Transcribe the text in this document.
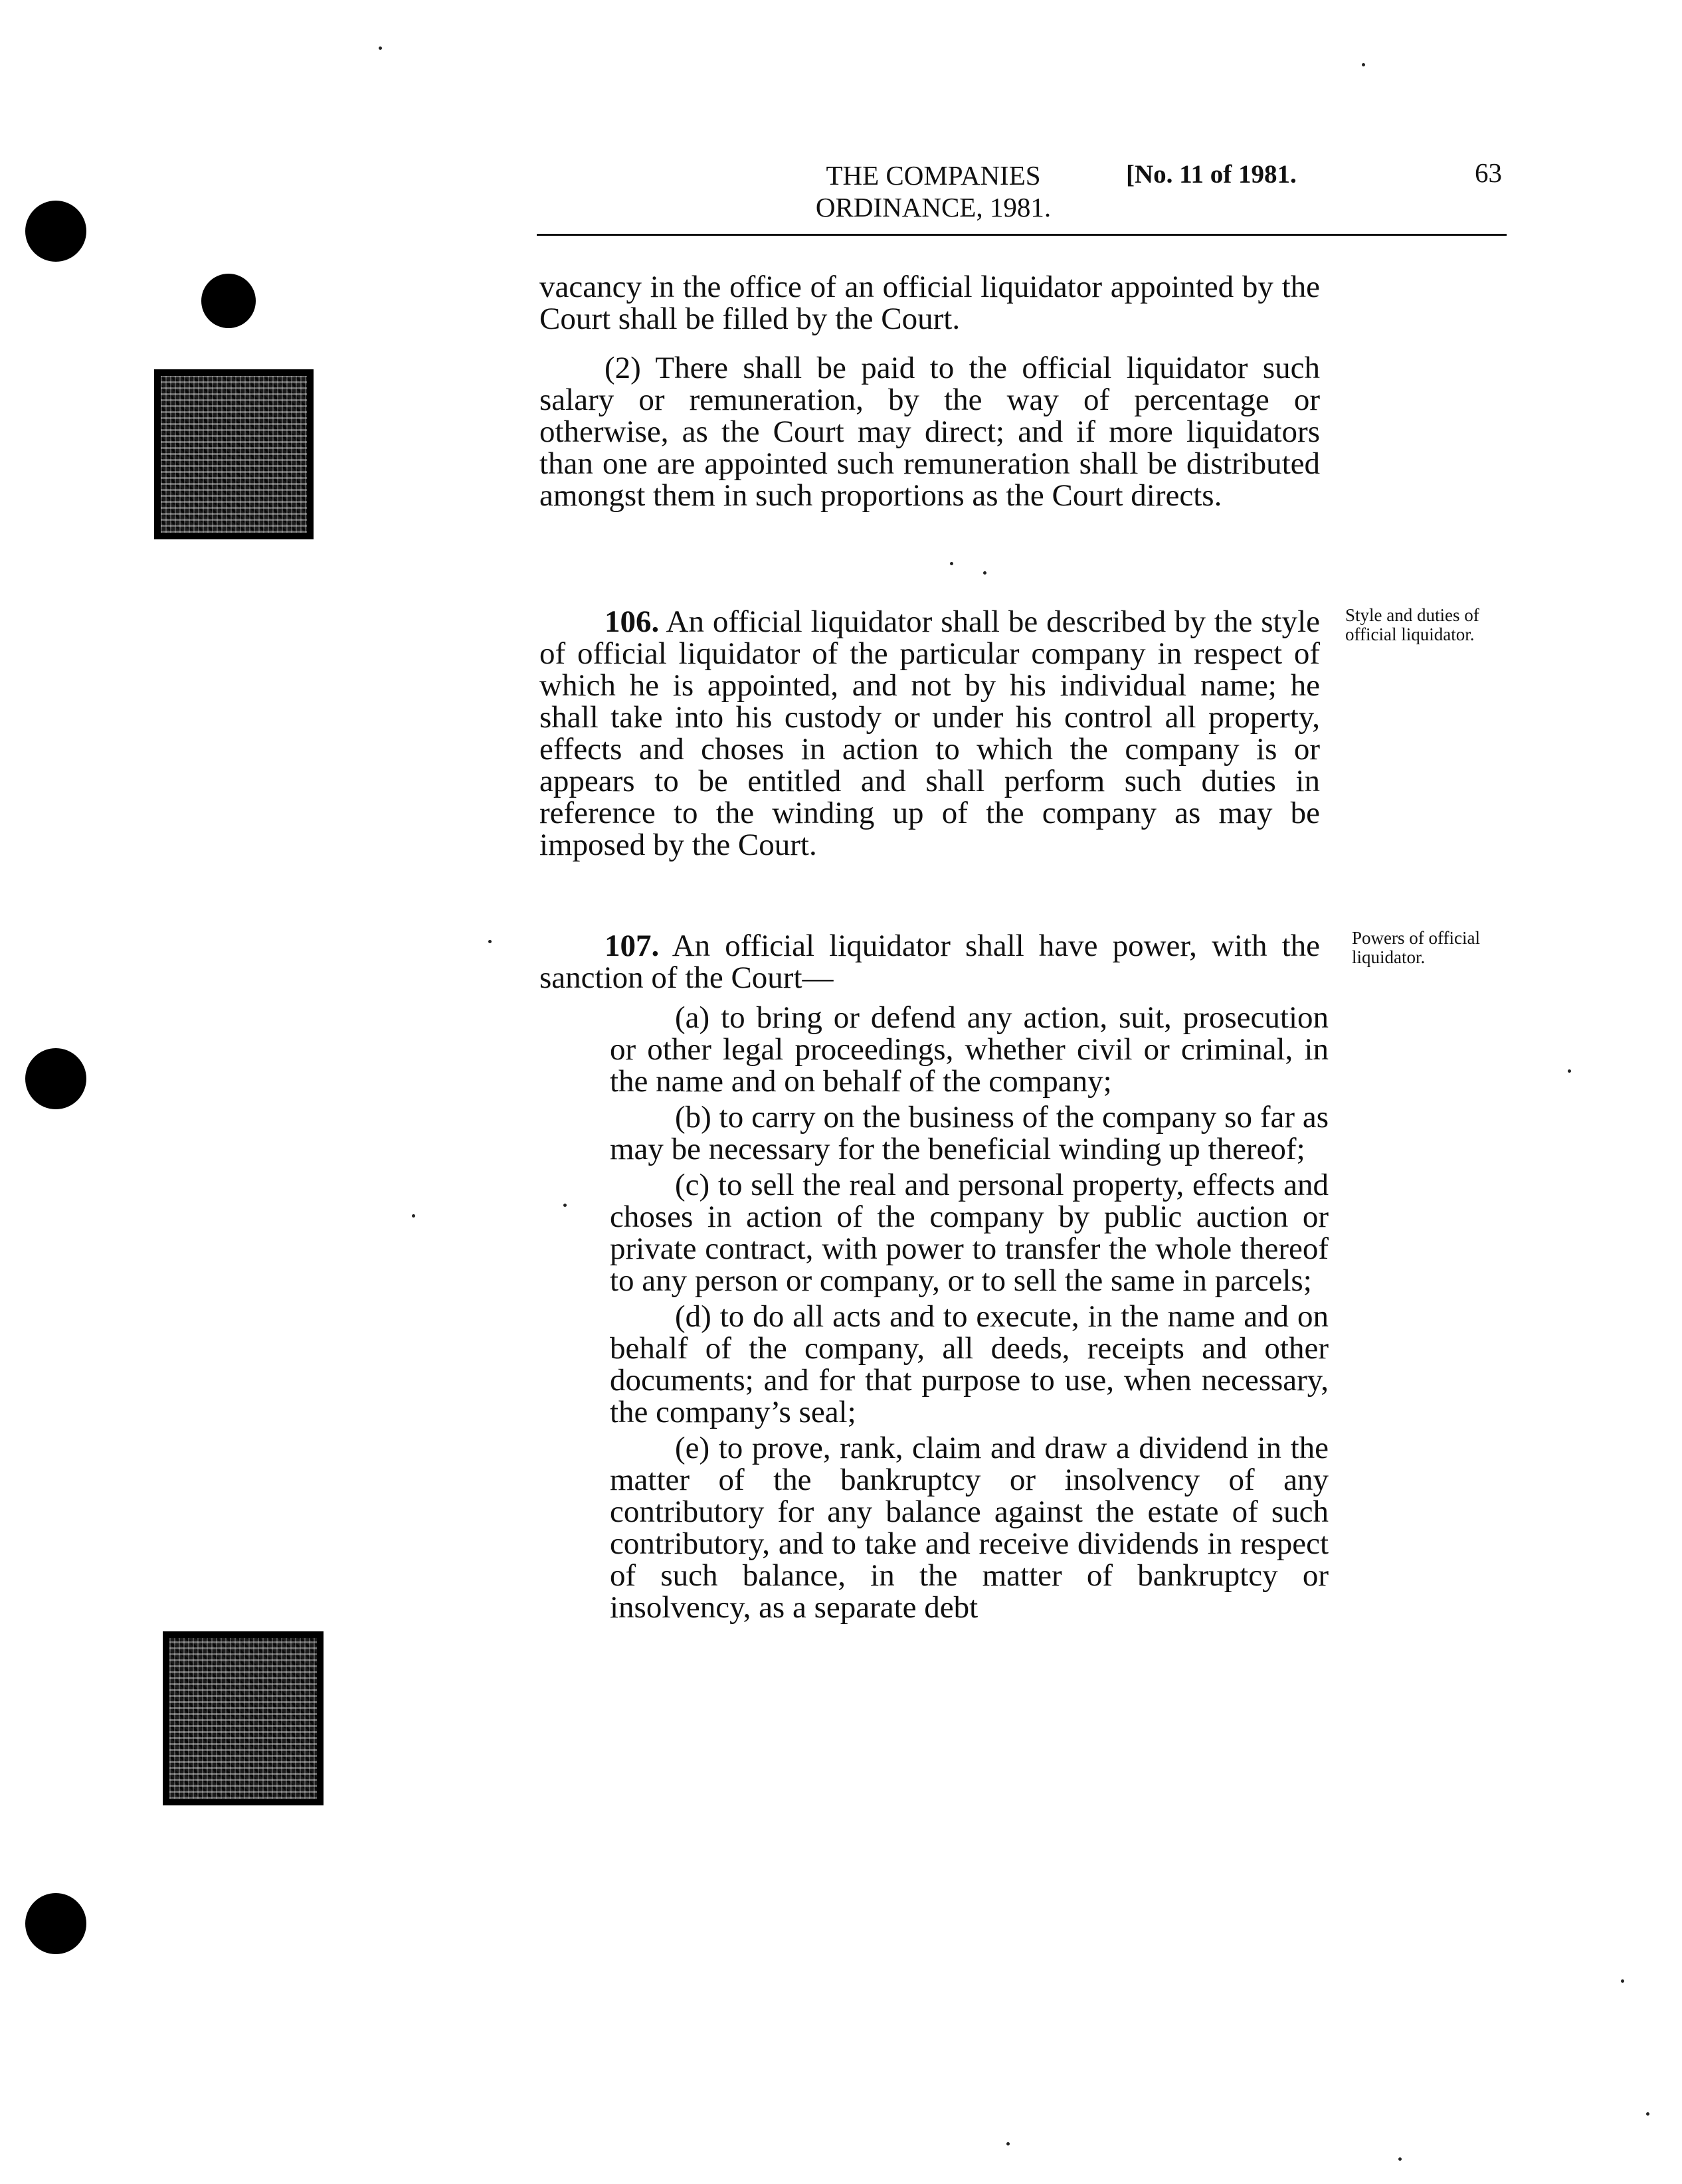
THE COMPANIES ORDINANCE, 1981.
[No. 11 of 1981.	63

vacancy in the office of an official liquidator appointed by the Court shall be filled by the Court.

(2) There shall be paid to the official liquidator such salary or remuneration, by the way of percentage or otherwise, as the Court may direct; and if more liquidators than one are appointed such remuneration shall be distributed amongst them in such proportions as the Court directs.

106. An official liquidator shall be described by the style of official liquidator of the particular company in respect of which he is appointed, and not by his individual name; he shall take into his custody or under his control all property, effects and choses in action to which the company is or appears to be entitled and shall perform such duties in reference to the winding up of the company as may be imposed by the Court.

Style and duties of official liquidator.

107. An official liquidator shall have power, with the sanction of the Court—

Powers of official liquidator.

(a) to bring or defend any action, suit, prosecution or other legal proceedings, whether civil or criminal, in the name and on behalf of the company;

(b) to carry on the business of the company so far as may be necessary for the beneficial winding up thereof;

(c) to sell the real and personal property, effects and choses in action of the company by public auction or private contract, with power to transfer the whole thereof to any person or company, or to sell the same in parcels;

(d) to do all acts and to execute, in the name and on behalf of the company, all deeds, receipts and other documents; and for that purpose to use, when necessary, the company’s seal;

(e) to prove, rank, claim and draw a dividend in the matter of the bankruptcy or insolvency of any contributory for any balance against the estate of such contributory, and to take and receive dividends in respect of such balance, in the matter of bankruptcy or insolvency, as a separate debt
